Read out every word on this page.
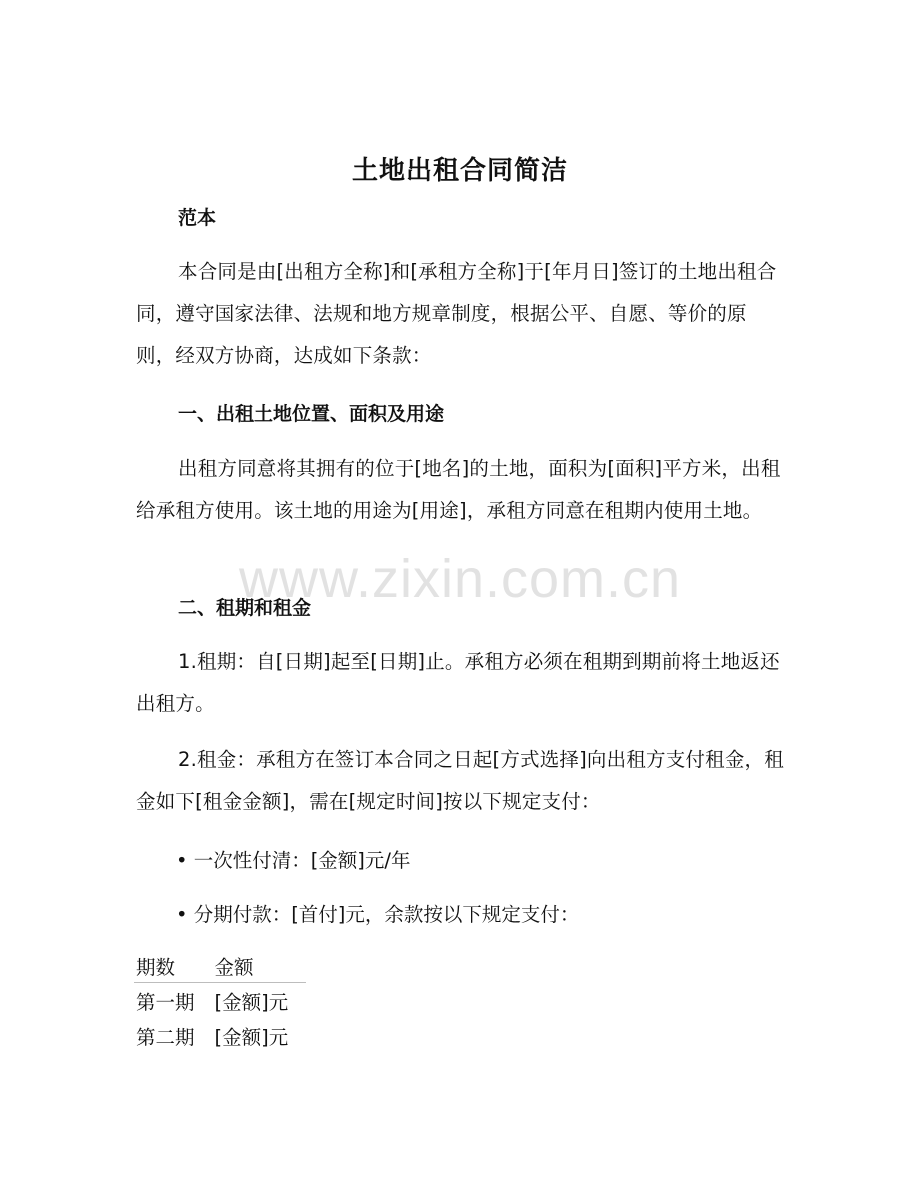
土地出租合同简洁
范本
本合同是由[出租方全称]和[承租方全称]于[年月日]签订的土地出租合同，遵守国家法律、法规和地方规章制度，根据公平、自愿、等价的原则，经双方协商，达成如下条款：
一、出租土地位置、面积及用途
出租方同意将其拥有的位于[地名]的土地，面积为[面积]平方米，出租给承租方使用。该土地的用途为[用途]，承租方同意在租期内使用土地。
www.zixin.com.cn
二、租期和租金
1.租期：自[日期]起至[日期]止。承租方必须在租期到期前将土地返还出租方。
2.租金：承租方在签订本合同之日起[方式选择]向出租方支付租金，租金如下[租金金额]，需在[规定时间]按以下规定支付：
• 一次性付清：[金额]元/年
• 分期付款：[首付]元，余款按以下规定支付：
期数	金额
第一期	[金额]元
第二期	[金额]元
